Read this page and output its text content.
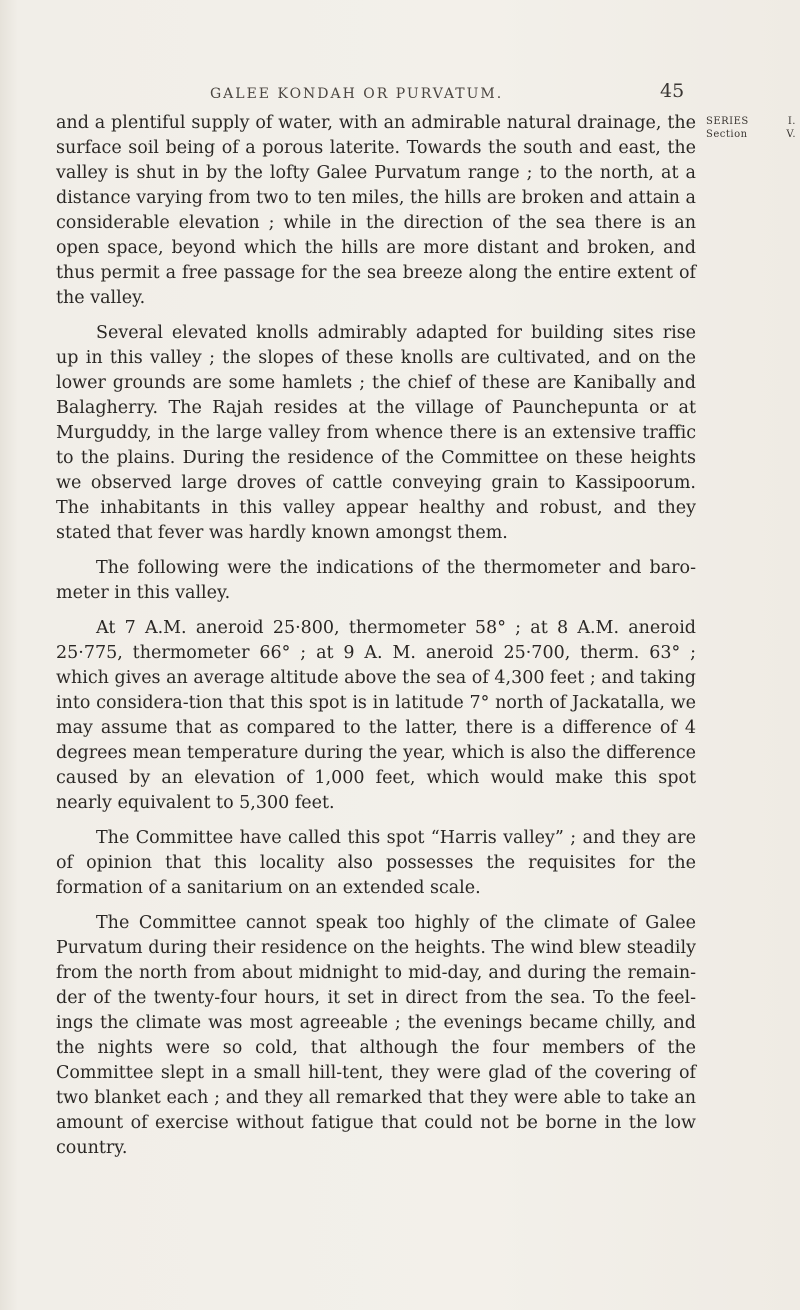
GALEE KONDAH OR PURVATUM.	45
SERIES	I.
Section	V.

and a plentiful supply of water, with an admirable natural drainage, the surface soil being of a porous laterite. Towards the south and east, the valley is shut in by the lofty Galee Purvatum range ; to the north, at a distance varying from two to ten miles, the hills are broken and attain a considerable elevation ; while in the direction of the sea there is an open space, beyond which the hills are more distant and broken, and thus permit a free passage for the sea breeze along the entire extent of the valley.

Several elevated knolls admirably adapted for building sites rise up in this valley ; the slopes of these knolls are cultivated, and on the lower grounds are some hamlets ; the chief of these are Kanibally and Balagherry. The Rajah resides at the village of Paunchepunta or at Murguddy, in the large valley from whence there is an extensive traffic to the plains. During the residence of the Committee on these heights we observed large droves of cattle conveying grain to Kassipoorum. The inhabitants in this valley appear healthy and robust, and they stated that fever was hardly known amongst them.

The following were the indications of the thermometer and baro-meter in this valley.

At 7 A.M. aneroid 25·800, thermometer 58° ; at 8 A.M. aneroid 25·775, thermometer 66° ; at 9 A. M. aneroid 25·700, therm. 63° ; which gives an average altitude above the sea of 4,300 feet ; and taking into considera-tion that this spot is in latitude 7° north of Jackatalla, we may assume that as compared to the latter, there is a difference of 4 degrees mean temperature during the year, which is also the difference caused by an elevation of 1,000 feet, which would make this spot nearly equivalent to 5,300 feet.

The Committee have called this spot “Harris valley” ; and they are of opinion that this locality also possesses the requisites for the formation of a sanitarium on an extended scale.

The Committee cannot speak too highly of the climate of Galee Purvatum during their residence on the heights. The wind blew steadily from the north from about midnight to mid-day, and during the remain-der of the twenty-four hours, it set in direct from the sea. To the feel-ings the climate was most agreeable ; the evenings became chilly, and the nights were so cold, that although the four members of the Committee slept in a small hill-tent, they were glad of the covering of two blanket each ; and they all remarked that they were able to take an amount of exercise without fatigue that could not be borne in the low country.
